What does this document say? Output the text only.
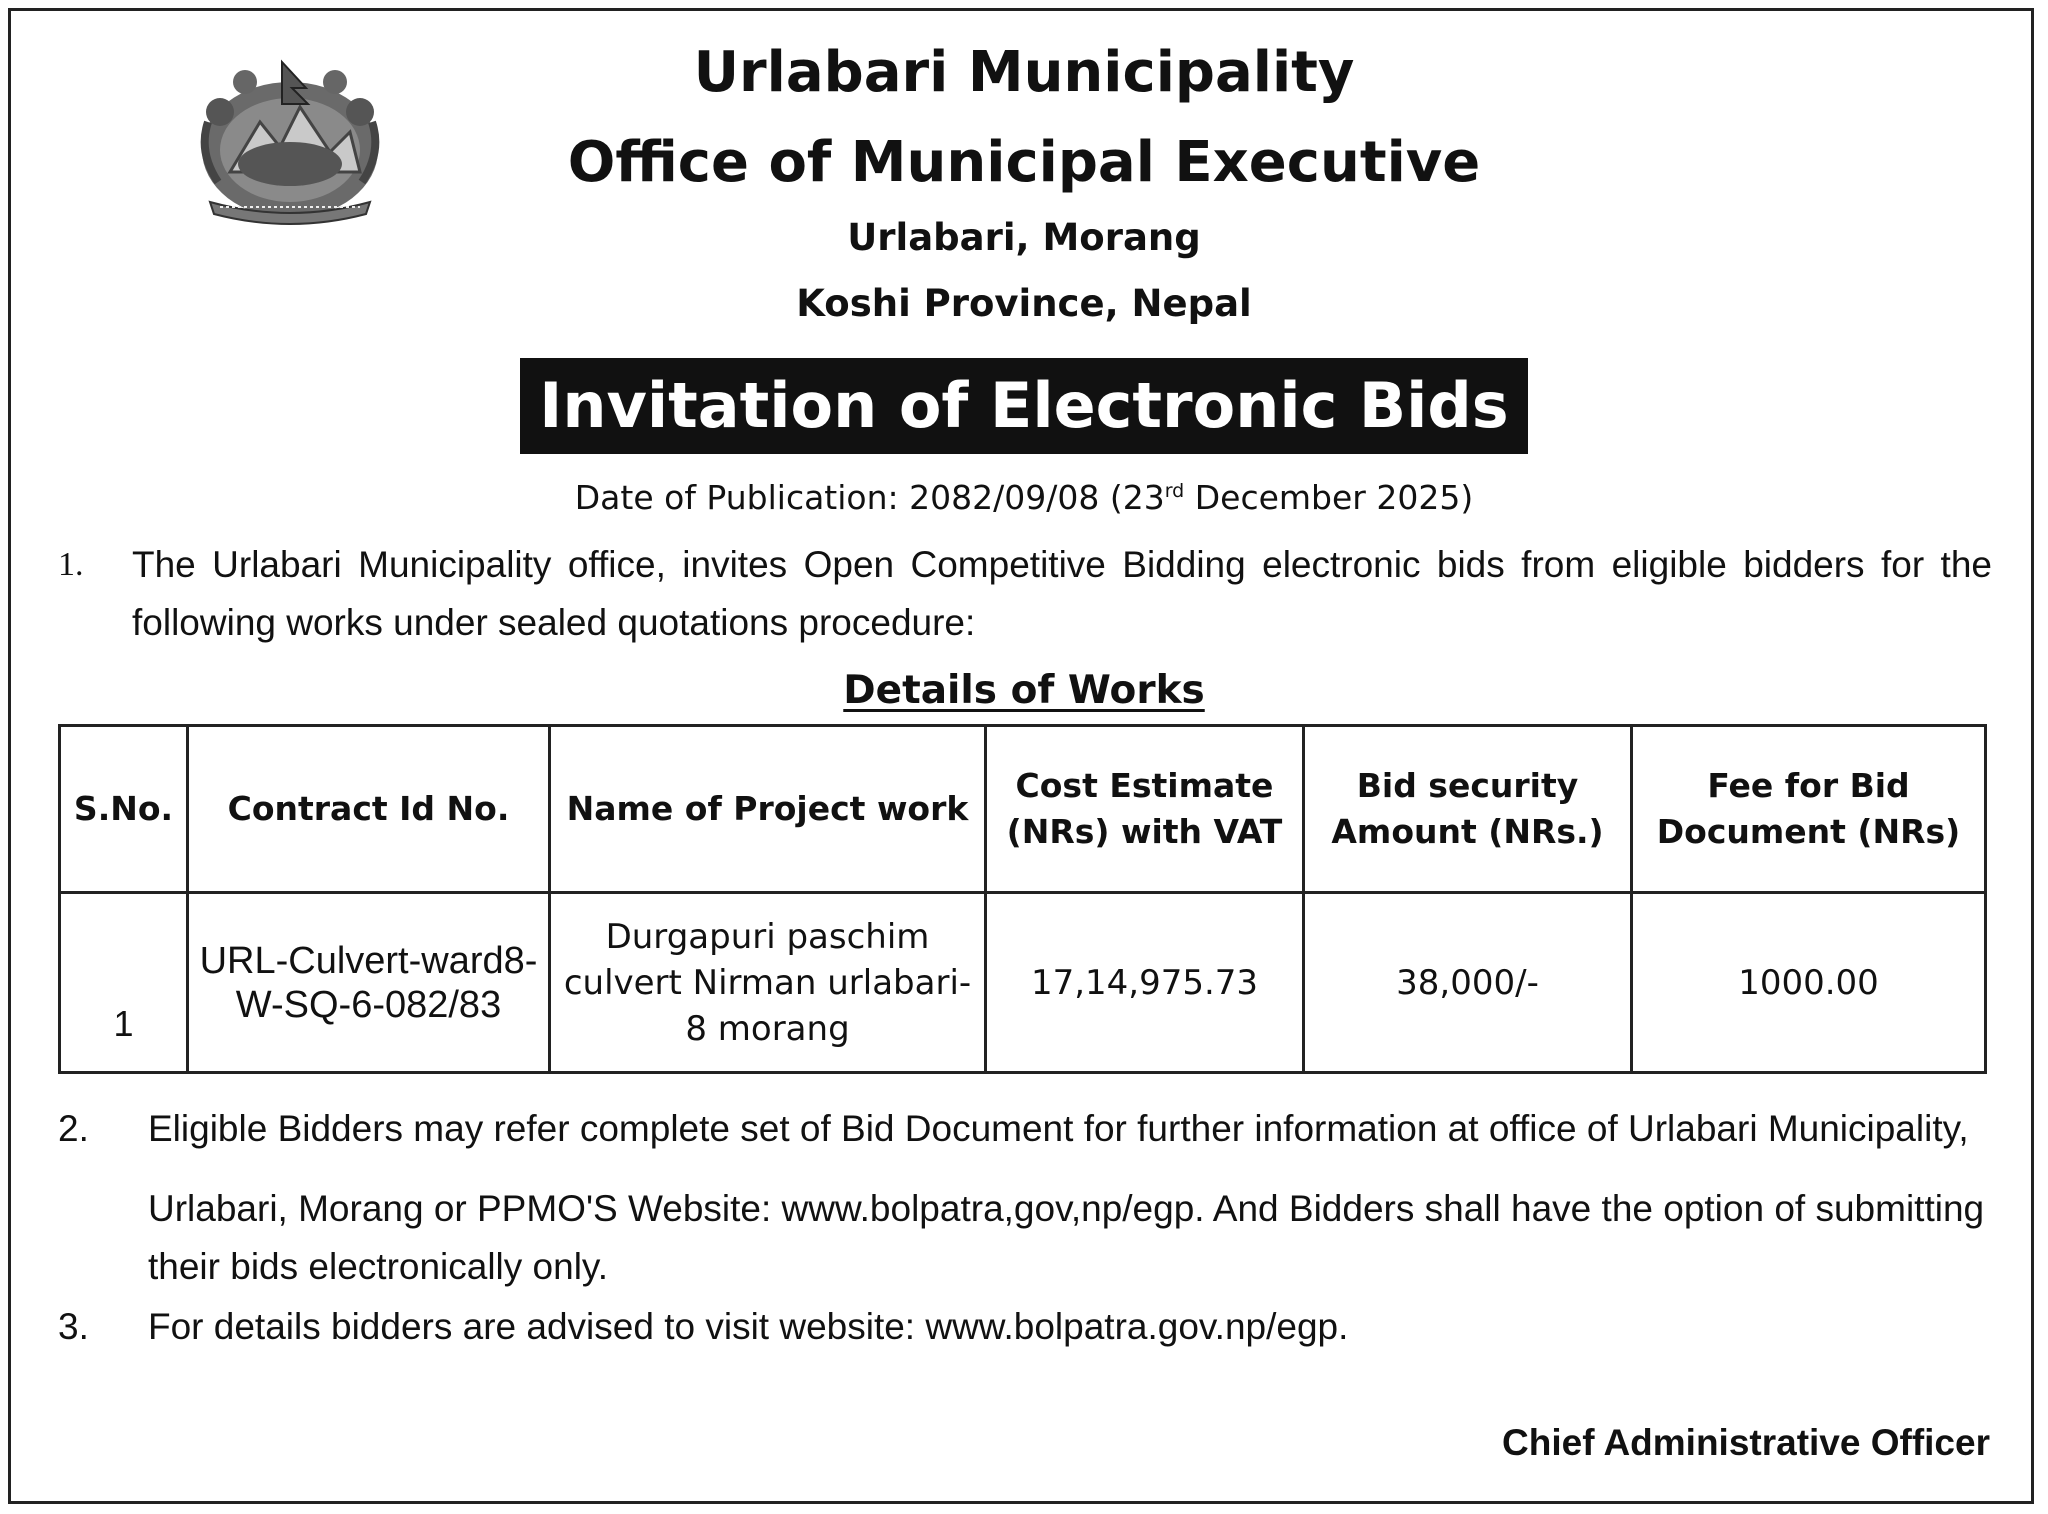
Urlabari Municipality
Office of Municipal Executive
Urlabari, Morang
Koshi Province, Nepal
Invitation of Electronic Bids
Date of Publication: 2082/09/08 (23rd December 2025)
1. The Urlabari Municipality office, invites Open Competitive Bidding electronic bids from eligible bidders for the following works under sealed quotations procedure:
Details of Works
S.No.	Contract Id No.	Name of Project work	Cost Estimate (NRs) with VAT	Bid security Amount (NRs.)	Fee for Bid Document (NRs)
1	URL-Culvert-ward8-W-SQ-6-082/83	Durgapuri paschim culvert Nirman urlabari-8 morang	17,14,975.73	38,000/-	1000.00
2. Eligible Bidders may refer complete set of Bid Document for further information at office of Urlabari Municipality,
Urlabari, Morang or PPMO'S Website: www.bolpatra,gov,np/egp. And Bidders shall have the option of submitting their bids electronically only.
3. For details bidders are advised to visit website: www.bolpatra.gov.np/egp.
Chief Administrative Officer
